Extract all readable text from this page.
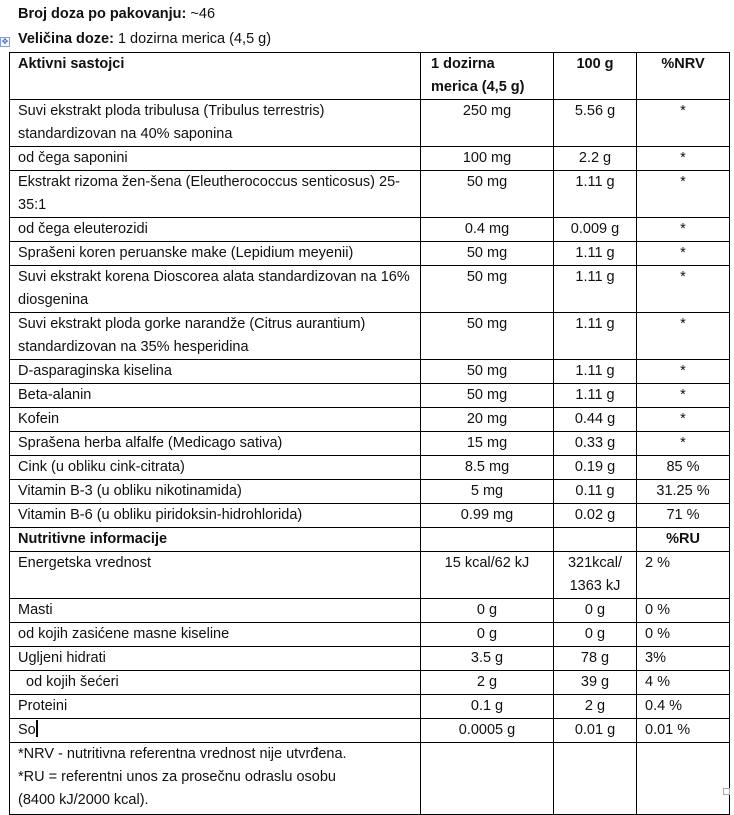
Broj doza po pakovanju: ~46
Veličina doze: 1 dozirna merica (4,5 g)
✥
Aktivni sastojci	1 dozirna merica (4,5 g)	100 g	%NRV
Suvi ekstrakt ploda tribulusa (Tribulus terrestris) standardizovan na 40% saponina	250 mg	5.56 g	*
od čega saponini	100 mg	2.2 g	*
Ekstrakt rizoma žen-šena (Eleutherococcus senticosus) 25-35:1	50 mg	1.11 g	*
od čega eleuterozidi	0.4 mg	0.009 g	*
Sprašeni koren peruanske make (Lepidium meyenii)	50 mg	1.11 g	*
Suvi ekstrakt korena Dioscorea alata standardizovan na 16% diosgenina	50 mg	1.11 g	*
Suvi ekstrakt ploda gorke narandže (Citrus aurantium) standardizovan na 35% hesperidina	50 mg	1.11 g	*
D-asparaginska kiselina	50 mg	1.11 g	*
Beta-alanin	50 mg	1.11 g	*
Kofein	20 mg	0.44 g	*
Sprašena herba alfalfe (Medicago sativa)	15 mg	0.33 g	*
Cink (u obliku cink-citrata)	8.5 mg	0.19 g	85 %
Vitamin B-3 (u obliku nikotinamida)	5 mg	0.11 g	31.25 %
Vitamin B-6 (u obliku piridoksin-hidrohlorida)	0.99 mg	0.02 g	71 %
Nutritivne informacije			%RU
Energetska vrednost	15 kcal/62 kJ	321kcal/ 1363 kJ	2 %
Masti	0 g	0 g	0 %
od kojih zasićene masne kiseline	0 g	0 g	0 %
Ugljeni hidrati	3.5 g	78 g	3%
od kojih šećeri	2 g	39 g	4 %
Proteini	0.1 g	2 g	0.4 %
So	0.0005 g	0.01 g	0.01 %

*NRV - nutritivna referentna vrednost nije utvrđena.
*RU = referentni unos za prosečnu odraslu osobu
(8400 kJ/2000 kcal).			
